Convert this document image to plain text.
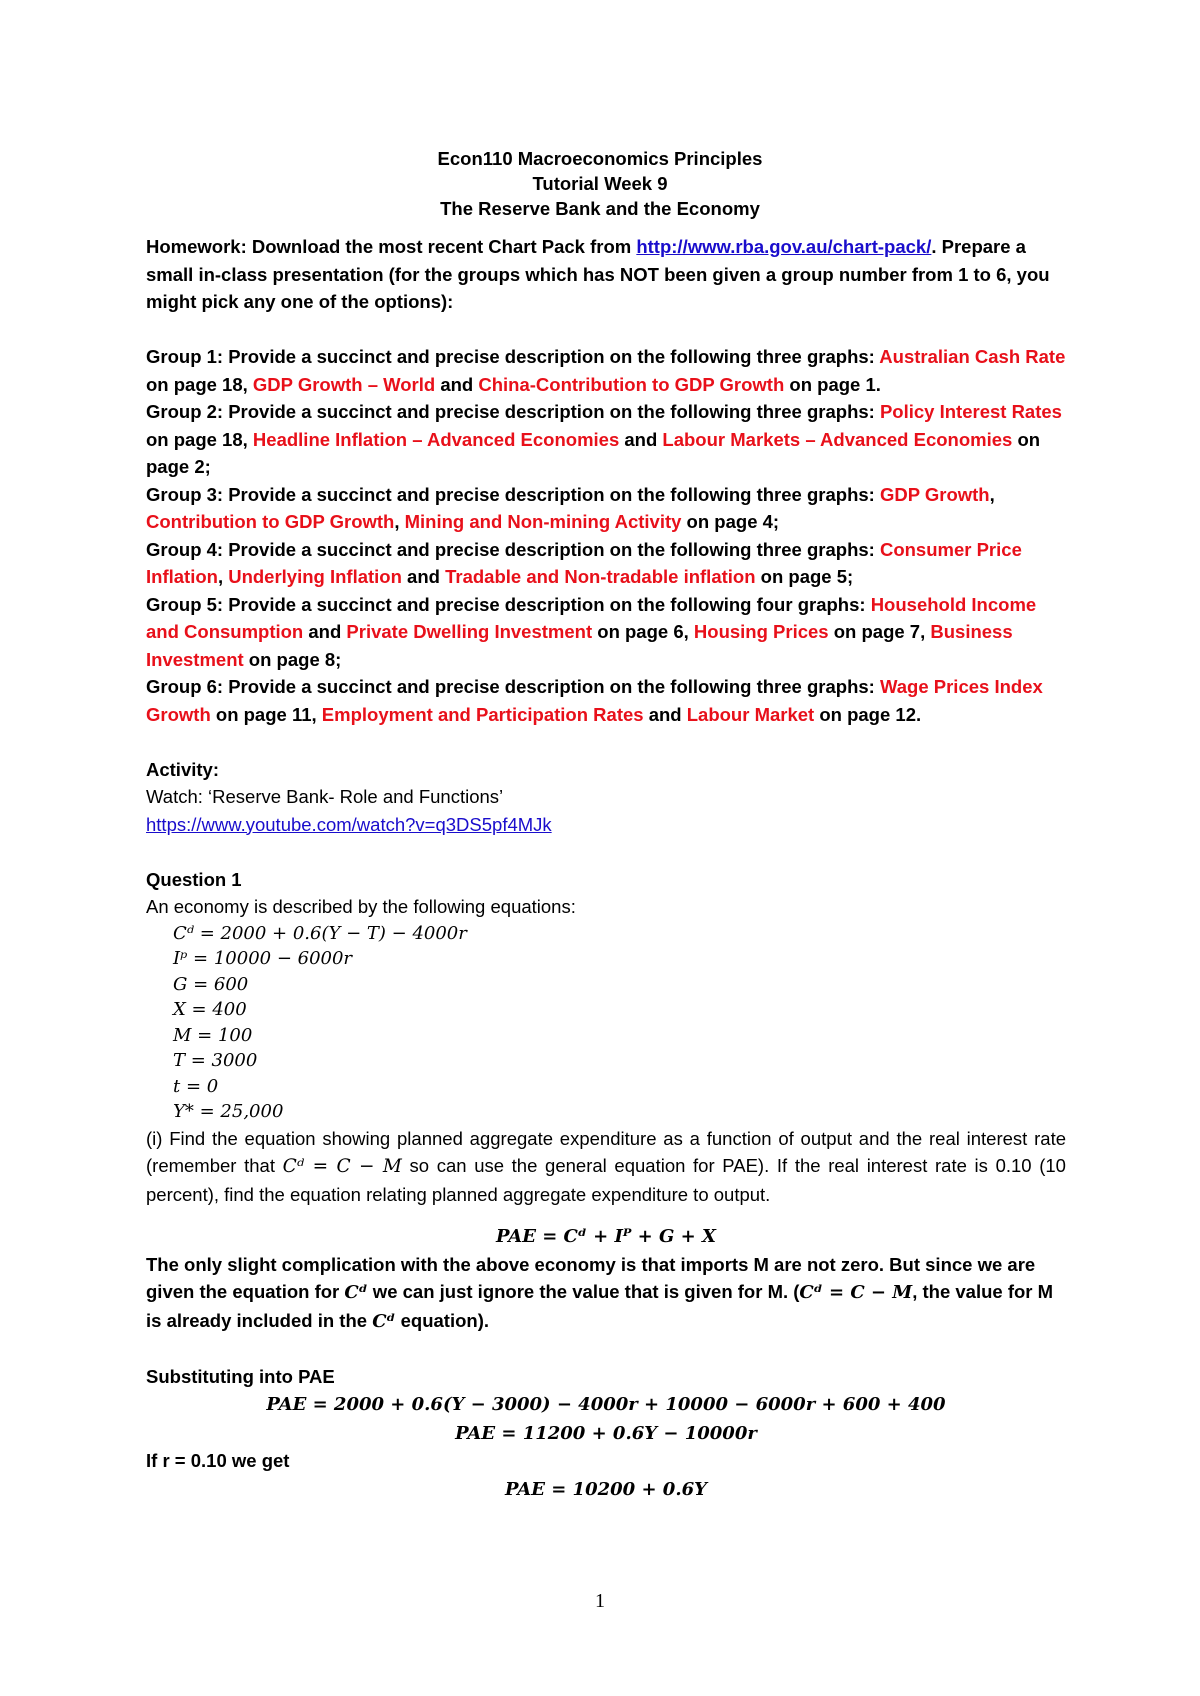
Econ110 Macroeconomics Principles
Tutorial Week 9
The Reserve Bank and the Economy
Homework: Download the most recent Chart Pack from http://www.rba.gov.au/chart-pack/. Prepare a small in-class presentation (for the groups which has NOT been given a group number from 1 to 6, you might pick any one of the options):
Group 1: Provide a succinct and precise description on the following three graphs: Australian Cash Rate on page 18, GDP Growth – World and China-Contribution to GDP Growth on page 1.
Group 2: Provide a succinct and precise description on the following three graphs: Policy Interest Rates on page 18, Headline Inflation – Advanced Economies and Labour Markets – Advanced Economies on page 2;
Group 3: Provide a succinct and precise description on the following three graphs: GDP Growth, Contribution to GDP Growth, Mining and Non-mining Activity on page 4;
Group 4: Provide a succinct and precise description on the following three graphs: Consumer Price Inflation, Underlying Inflation and Tradable and Non-tradable inflation on page 5;
Group 5: Provide a succinct and precise description on the following four graphs: Household Income and Consumption and Private Dwelling Investment on page 6, Housing Prices on page 7, Business Investment on page 8;
Group 6: Provide a succinct and precise description on the following three graphs: Wage Prices Index Growth on page 11, Employment and Participation Rates and Labour Market on page 12.
Activity:
Watch: ‘Reserve Bank- Role and Functions’
https://www.youtube.com/watch?v=q3DS5pf4MJk
Question 1
An economy is described by the following equations:
Cᵈ = 2000 + 0.6(Y − T) − 4000r
Iᵖ = 10000 − 6000r
G = 600
X = 400
M = 100
T = 3000
t = 0
Y* = 25,000
(i) Find the equation showing planned aggregate expenditure as a function of output and the real interest rate (remember that Cᵈ = C − M so can use the general equation for PAE). If the real interest rate is 0.10 (10 percent), find the equation relating planned aggregate expenditure to output.
PAE = Cᵈ + Iᴾ + G + X
The only slight complication with the above economy is that imports M are not zero. But since we are given the equation for Cᵈ we can just ignore the value that is given for M. (Cᵈ = C − M, the value for M is already included in the Cᵈ equation).
Substituting into PAE
PAE = 2000 + 0.6(Y − 3000) − 4000r + 10000 − 6000r + 600 + 400
PAE = 11200 + 0.6Y − 10000r
If r = 0.10 we get
PAE = 10200 + 0.6Y
1
